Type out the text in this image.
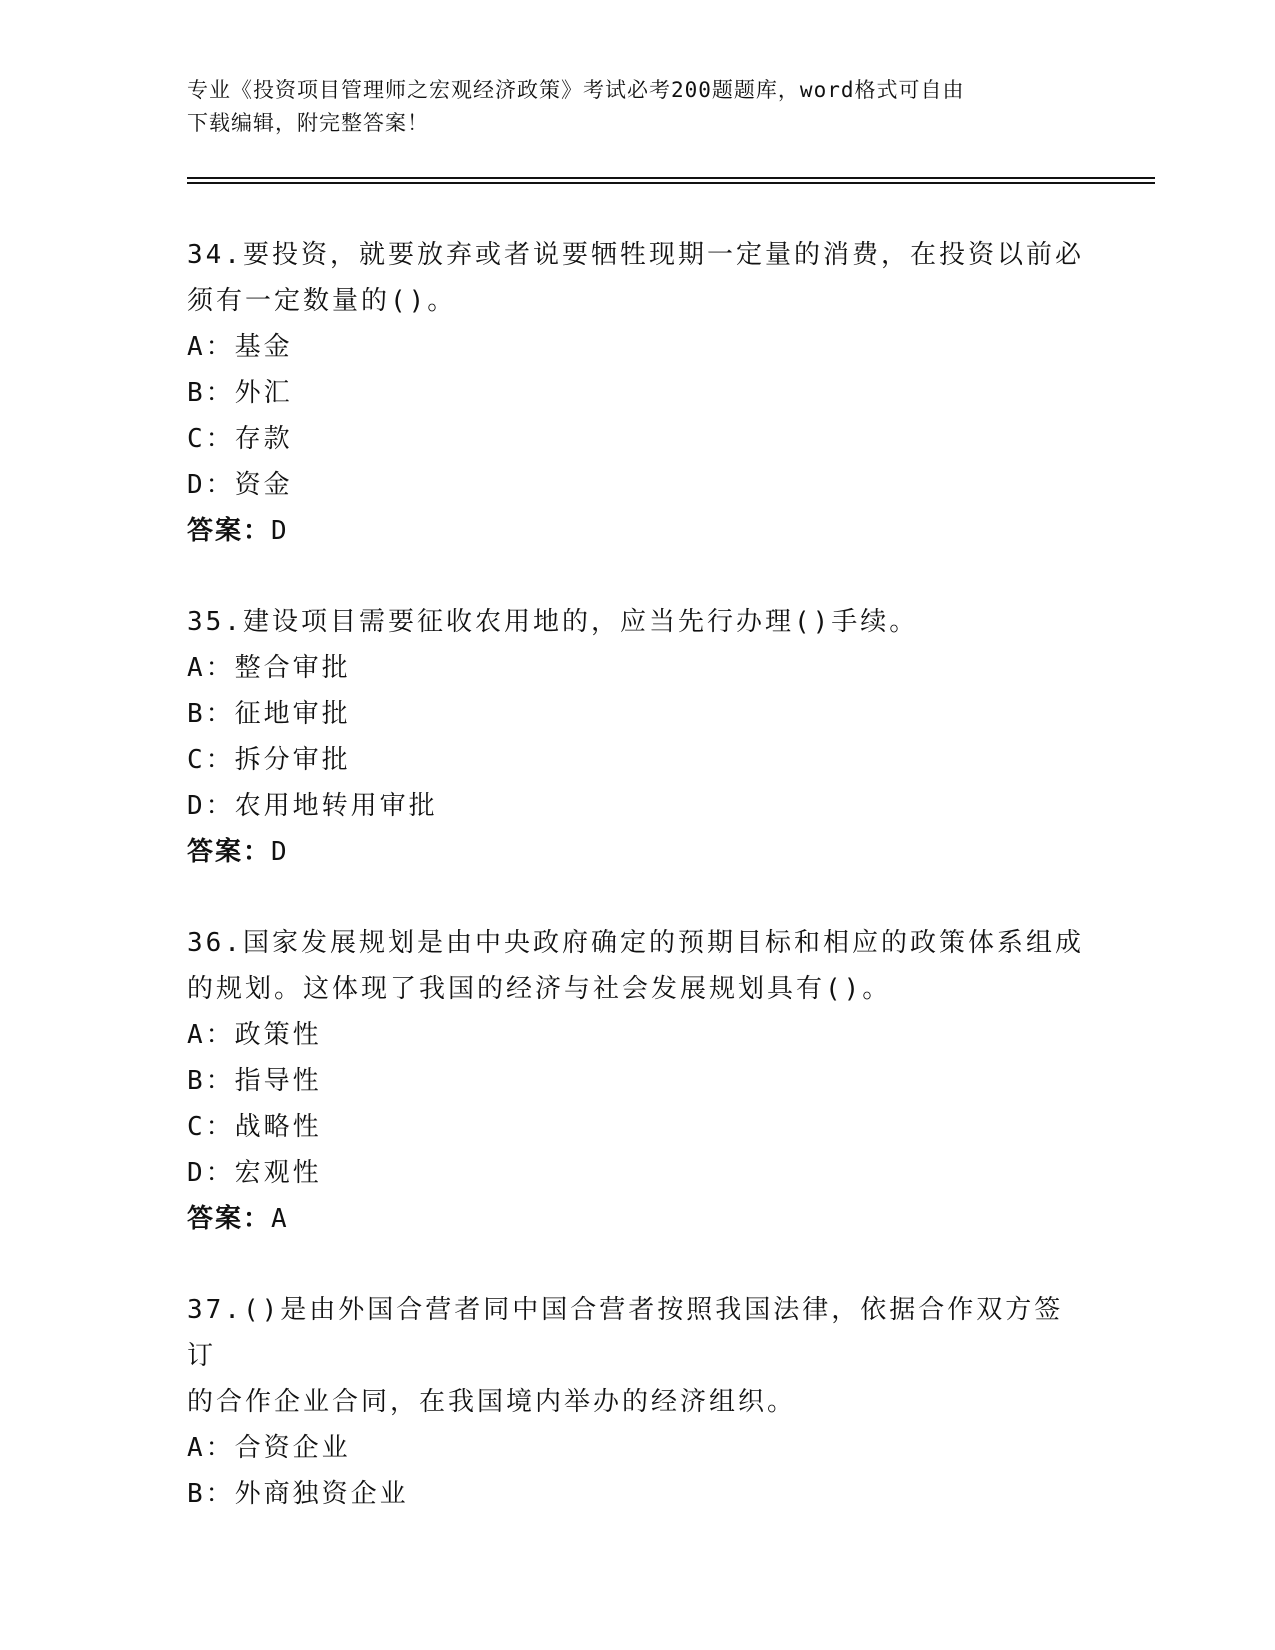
专业《投资项目管理师之宏观经济政策》考试必考200题题库，word格式可自由
下载编辑，附完整答案！

34.要投资，就要放弃或者说要牺牲现期一定量的消费，在投资以前必

须有一定数量的()。

A：基金

B：外汇

C：存款

D：资金

答案：D

35.建设项目需要征收农用地的，应当先行办理()手续。

A：整合审批

B：征地审批

C：拆分审批

D：农用地转用审批

答案：D

36.国家发展规划是由中央政府确定的预期目标和相应的政策体系组成

的规划。这体现了我国的经济与社会发展规划具有()。

A：政策性

B：指导性

C：战略性

D：宏观性

答案：A

37.()是由外国合营者同中国合营者按照我国法律，依据合作双方签订

的合作企业合同，在我国境内举办的经济组织。

A：合资企业

B：外商独资企业
